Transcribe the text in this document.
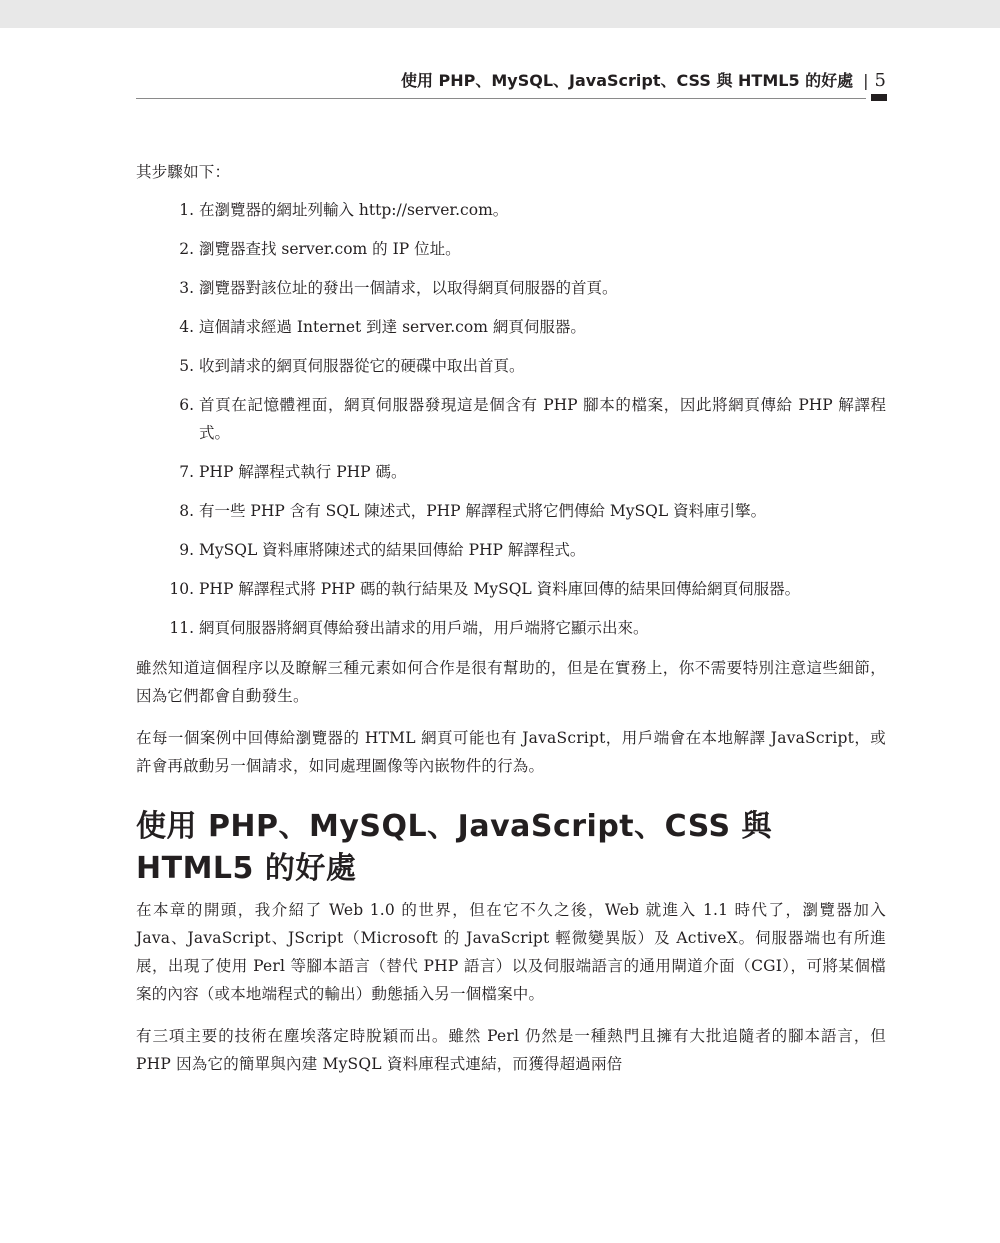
使用 PHP、MySQL、JavaScript、CSS 與 HTML5 的好處 | 5

其步驟如下：

1. 在瀏覽器的網址列輸入 http://server.com。
2. 瀏覽器查找 server.com 的 IP 位址。
3. 瀏覽器對該位址的發出一個請求，以取得網頁伺服器的首頁。
4. 這個請求經過 Internet 到達 server.com 網頁伺服器。
5. 收到請求的網頁伺服器從它的硬碟中取出首頁。
6. 首頁在記憶體裡面，網頁伺服器發現這是個含有 PHP 腳本的檔案，因此將網頁傳給 PHP 解譯程式。
7. PHP 解譯程式執行 PHP 碼。
8. 有一些 PHP 含有 SQL 陳述式，PHP 解譯程式將它們傳給 MySQL 資料庫引擎。
9. MySQL 資料庫將陳述式的結果回傳給 PHP 解譯程式。
10. PHP 解譯程式將 PHP 碼的執行結果及 MySQL 資料庫回傳的結果回傳給網頁伺服器。
11. 網頁伺服器將網頁傳給發出請求的用戶端，用戶端將它顯示出來。

雖然知道這個程序以及瞭解三種元素如何合作是很有幫助的，但是在實務上，你不需要特別注意這些細節，因為它們都會自動發生。

在每一個案例中回傳給瀏覽器的 HTML 網頁可能也有 JavaScript，用戶端會在本地解譯 JavaScript，或許會再啟動另一個請求，如同處理圖像等內嵌物件的行為。

使用 PHP、MySQL、JavaScript、CSS 與 HTML5 的好處

在本章的開頭，我介紹了 Web 1.0 的世界，但在它不久之後，Web 就進入 1.1 時代了，瀏覽器加入 Java、JavaScript、JScript（Microsoft 的 JavaScript 輕微變異版）及 ActiveX。伺服器端也有所進展，出現了使用 Perl 等腳本語言（替代 PHP 語言）以及伺服端語言的通用閘道介面（CGI），可將某個檔案的內容（或本地端程式的輸出）動態插入另一個檔案中。

有三項主要的技術在塵埃落定時脫穎而出。雖然 Perl 仍然是一種熱門且擁有大批追隨者的腳本語言，但 PHP 因為它的簡單與內建 MySQL 資料庫程式連結，而獲得超過兩倍
